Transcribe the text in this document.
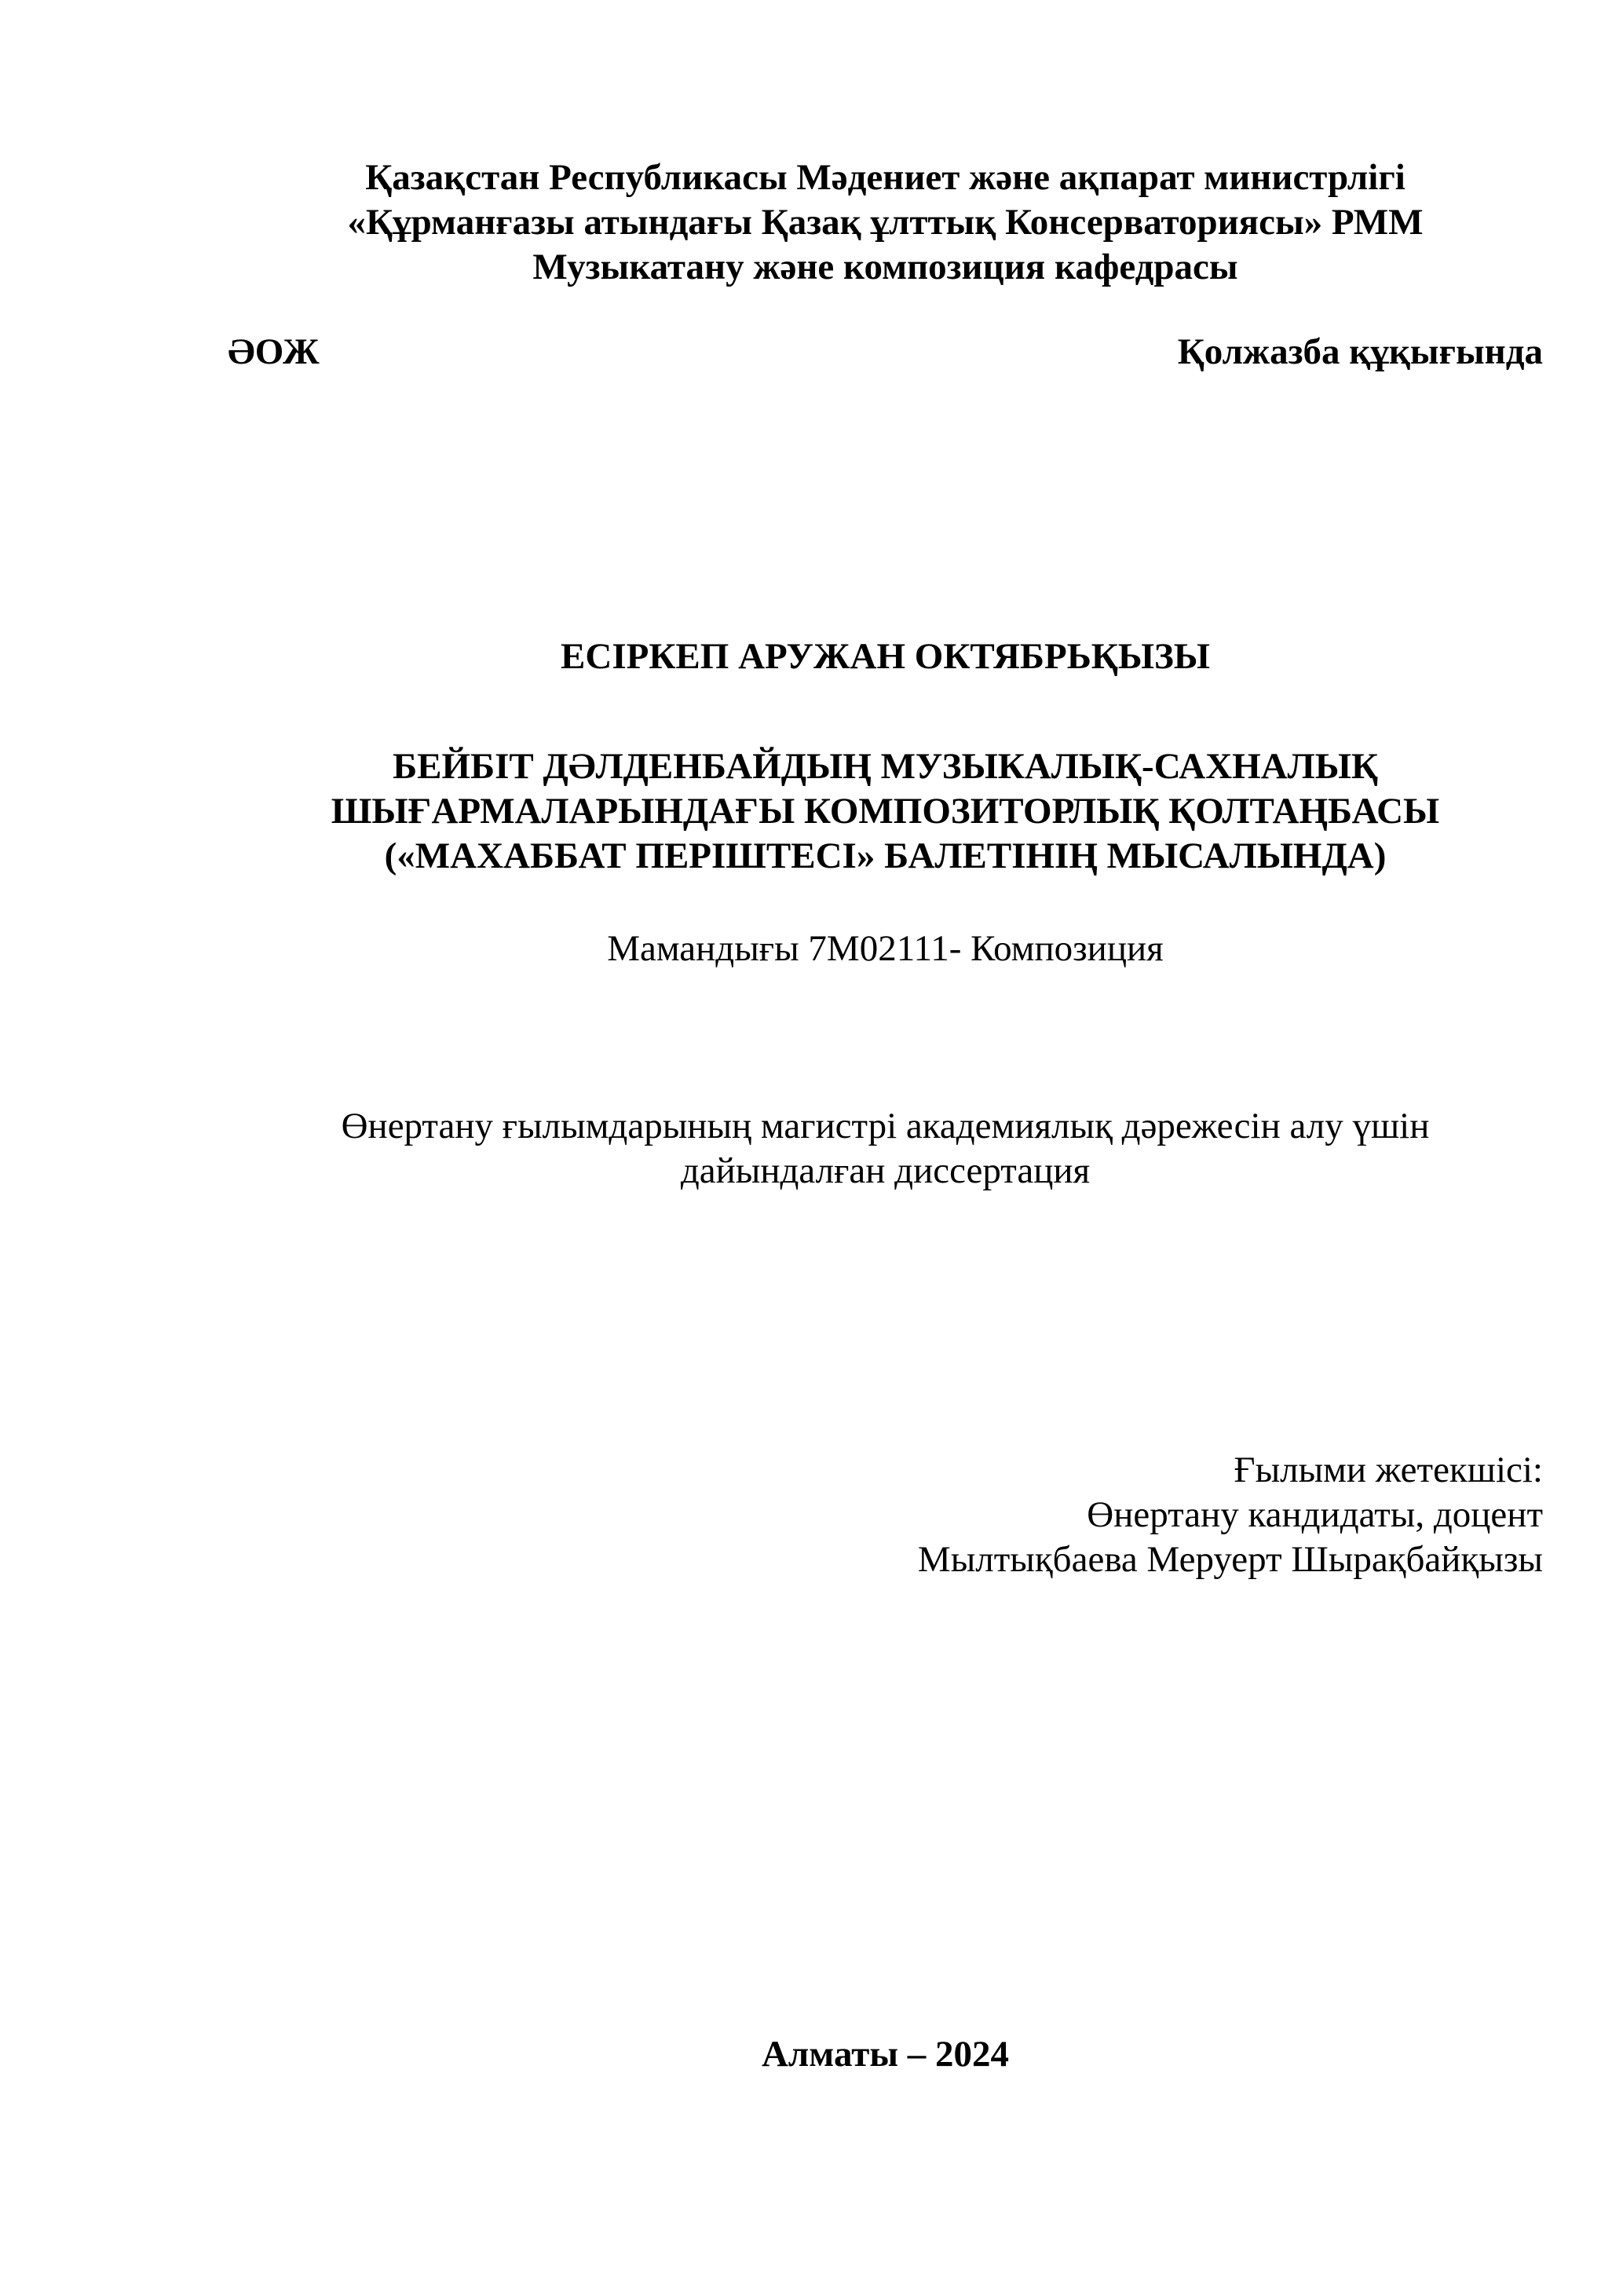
Қазақстан Республикасы Мәдениет және ақпарат министрлігі
«Құрманғазы атындағы Қазақ ұлттық Консерваториясы» РММ
Музыкатану және композиция кафедрасы
ӘОЖ	Қолжазба құқығында
ЕСІРКЕП АРУЖАН ОКТЯБРЬҚЫЗЫ
БЕЙБІТ ДӘЛДЕНБАЙДЫҢ МУЗЫКАЛЫҚ-САХНАЛЫҚ
ШЫҒАРМАЛАРЫНДАҒЫ КОМПОЗИТОРЛЫҚ ҚОЛТАҢБАСЫ
(«МАХАББАТ ПЕРІШТЕСІ» БАЛЕТІНІҢ МЫСАЛЫНДА)
Мамандығы 7М02111- Композиция
Өнертану ғылымдарының магистрі академиялық дәрежесін алу үшін
дайындалған диссертация
Ғылыми жетекшісі:
Өнертану кандидаты, доцент
Мылтықбаева Меруерт Шырақбайқызы
Алматы – 2024
